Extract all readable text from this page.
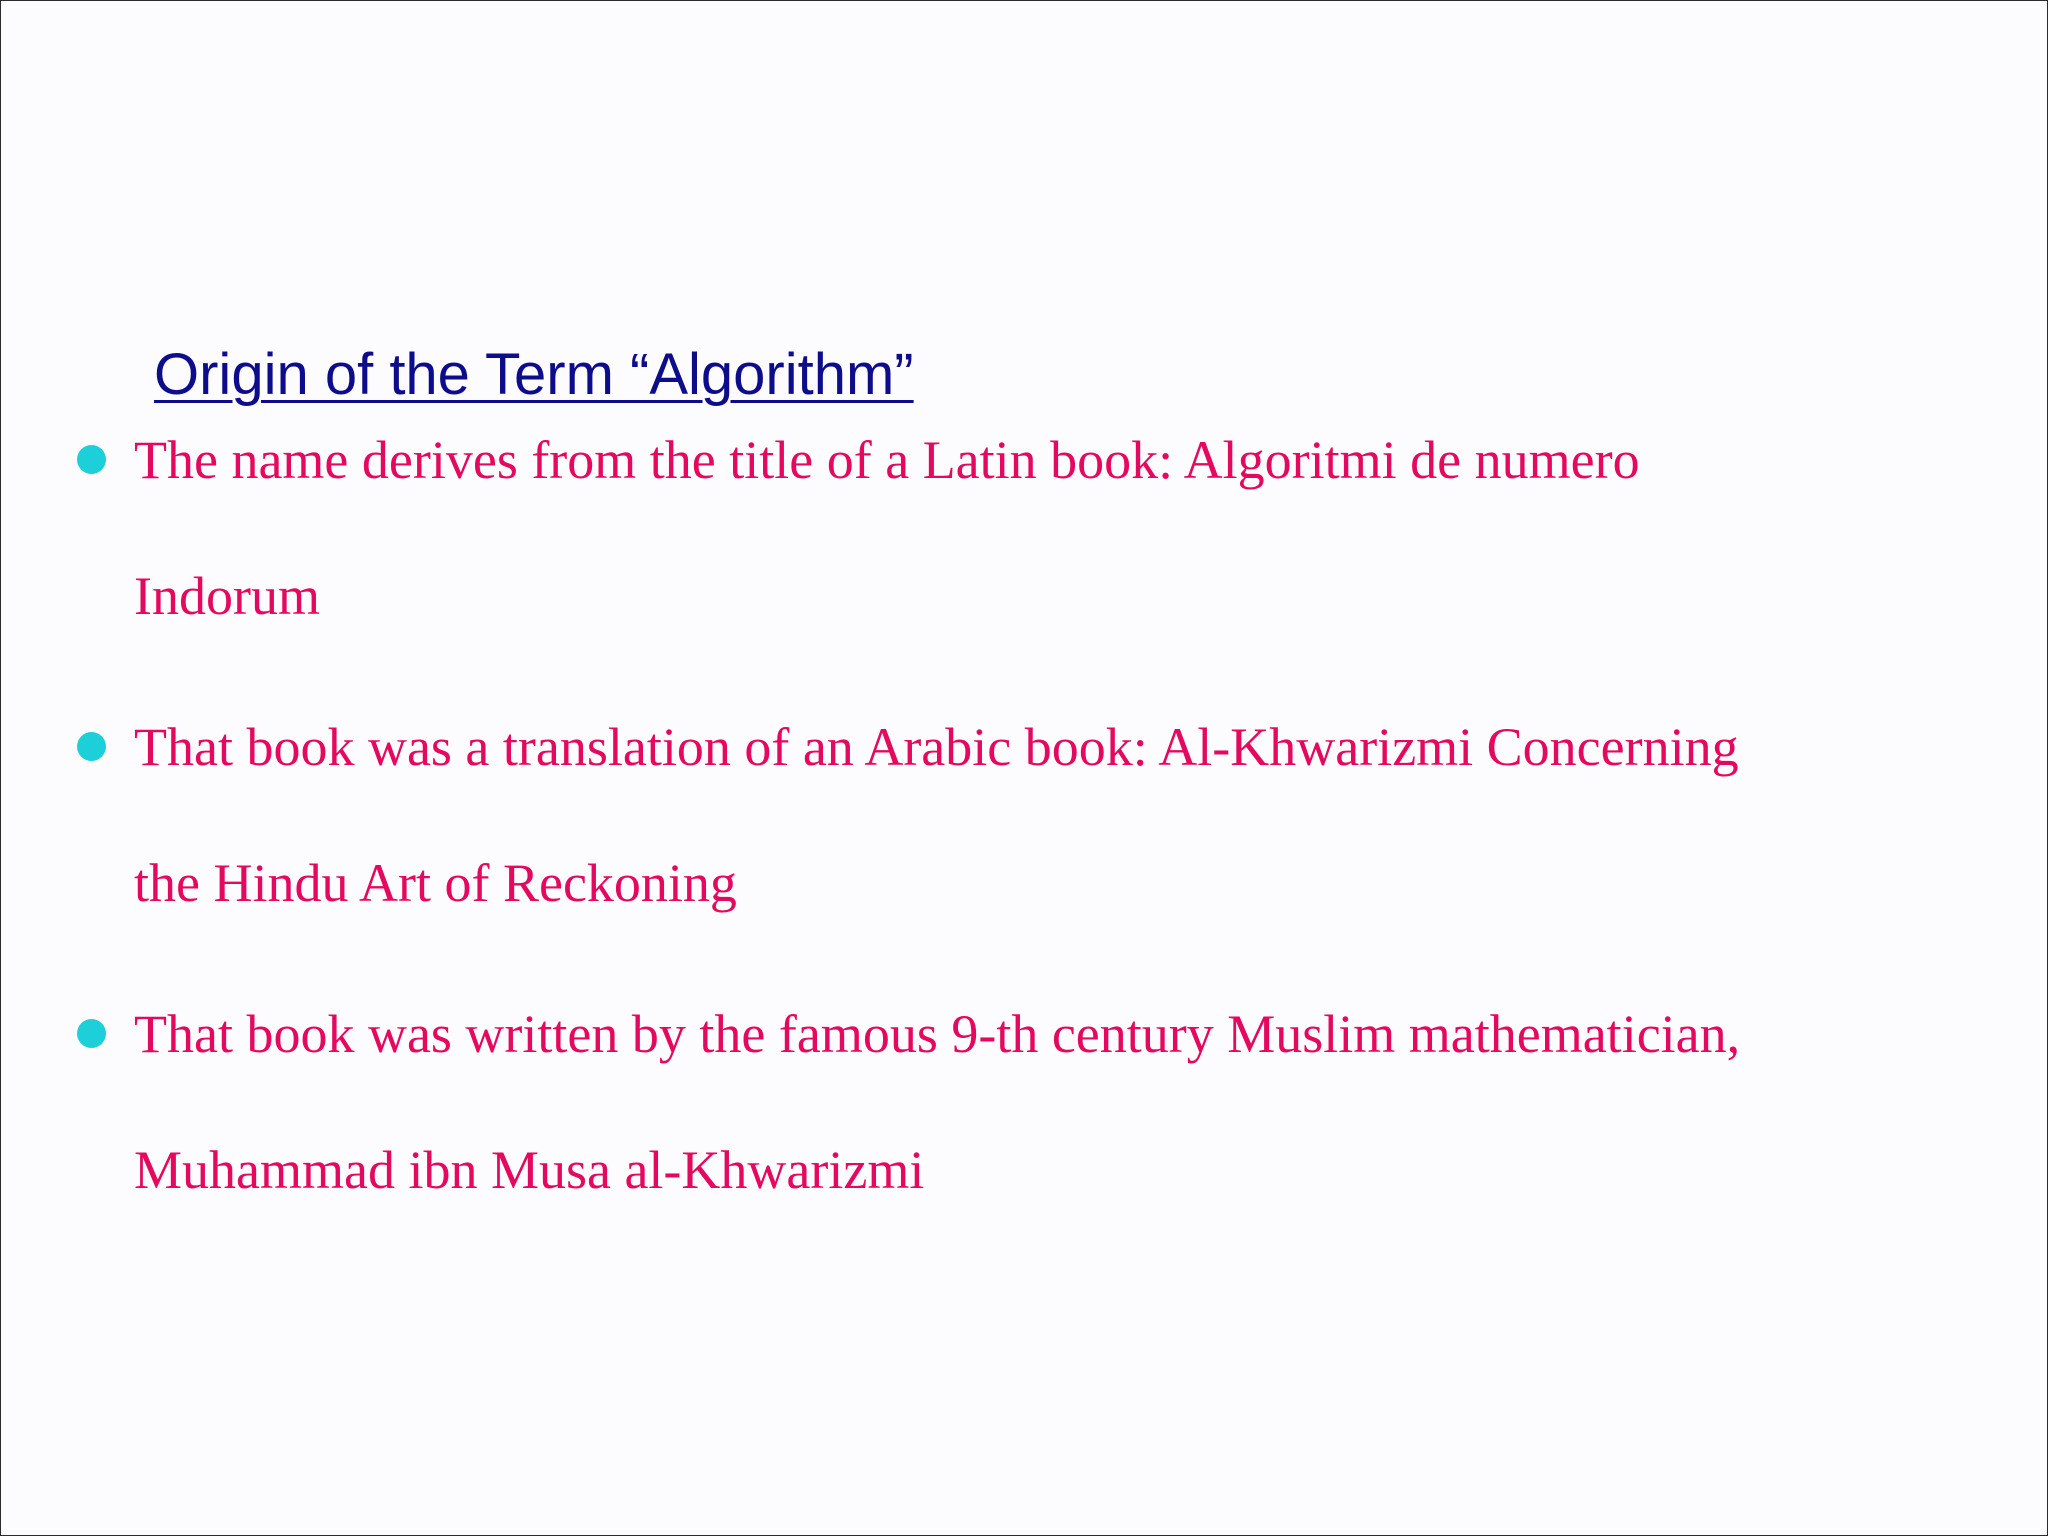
Origin of the Term “Algorithm”
The name derives from the title of a Latin book: Algoritmi de numero
Indorum
That book was a translation of an Arabic book: Al-Khwarizmi Concerning
the Hindu Art of Reckoning
That book was written by the famous 9-th century Muslim mathematician,
Muhammad ibn Musa al-Khwarizmi
